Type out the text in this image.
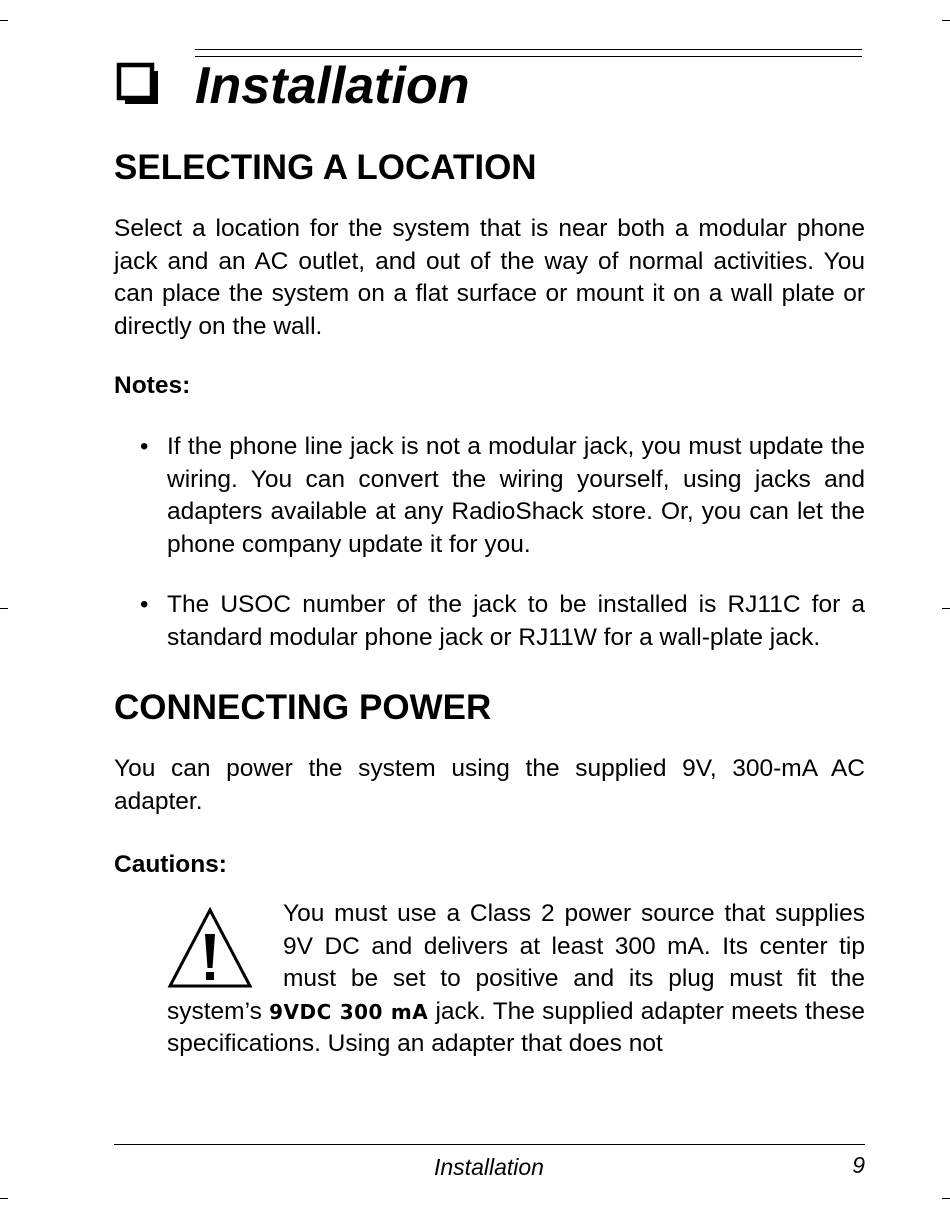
Installation
SELECTING A LOCATION

Select a location for the system that is near both a modular phone jack and an AC outlet, and out of the way of normal activities. You can place the system on a flat surface or mount it on a wall plate or directly on the wall.

Notes:
• If the phone line jack is not a modular jack, you must update the wiring. You can convert the wiring yourself, using jacks and adapters available at any RadioShack store. Or, you can let the phone company update it for you.

• The USOC number of the jack to be installed is RJ11C for a standard modular phone jack or RJ11W for a wall-plate jack.

CONNECTING POWER

You can power the system using the supplied 9V, 300-mA AC adapter.

Cautions:

You must use a Class 2 power source that supplies 9V DC and delivers at least 300 mA. Its center tip must be set to positive and its plug must fit the system’s 9VDC 300 mA jack. The supplied adapter meets these specifications. Using an adapter that does not

Installation	9
